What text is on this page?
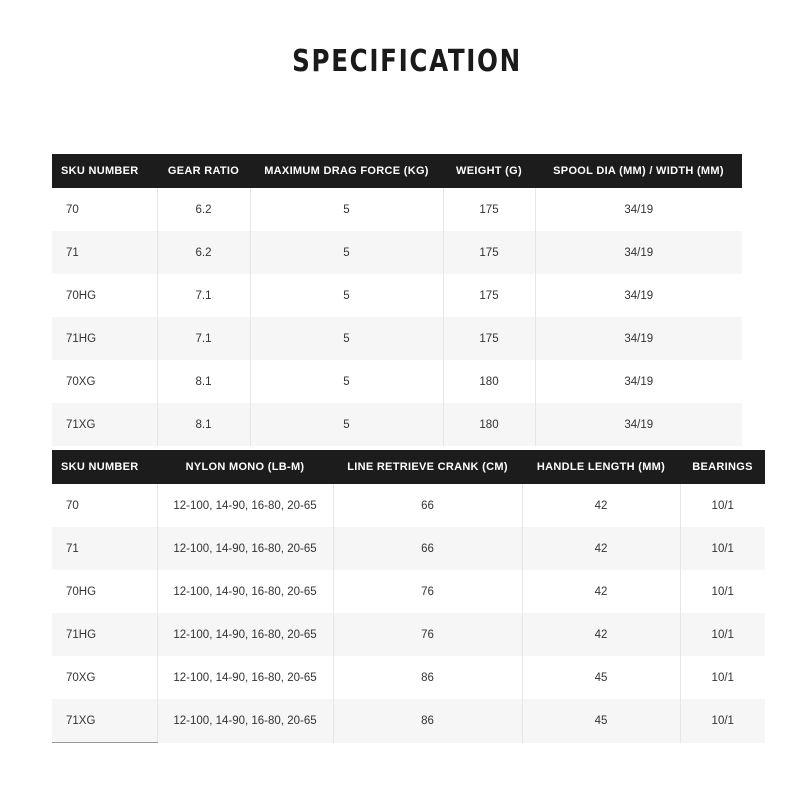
SPECIFICATION
SKU NUMBER	GEAR RATIO	MAXIMUM DRAG FORCE (KG)	WEIGHT (G)	SPOOL DIA (MM) / WIDTH (MM)
70	6.2	5	175	34/19
71	6.2	5	175	34/19
70HG	7.1	5	175	34/19
71HG	7.1	5	175	34/19
70XG	8.1	5	180	34/19
71XG	8.1	5	180	34/19
SKU NUMBER	NYLON MONO (LB-M)	LINE RETRIEVE CRANK (CM)	HANDLE LENGTH (MM)	BEARINGS
70	12-100, 14-90, 16-80, 20-65	66	42	10/1
71	12-100, 14-90, 16-80, 20-65	66	42	10/1
70HG	12-100, 14-90, 16-80, 20-65	76	42	10/1
71HG	12-100, 14-90, 16-80, 20-65	76	42	10/1
70XG	12-100, 14-90, 16-80, 20-65	86	45	10/1
71XG	12-100, 14-90, 16-80, 20-65	86	45	10/1
